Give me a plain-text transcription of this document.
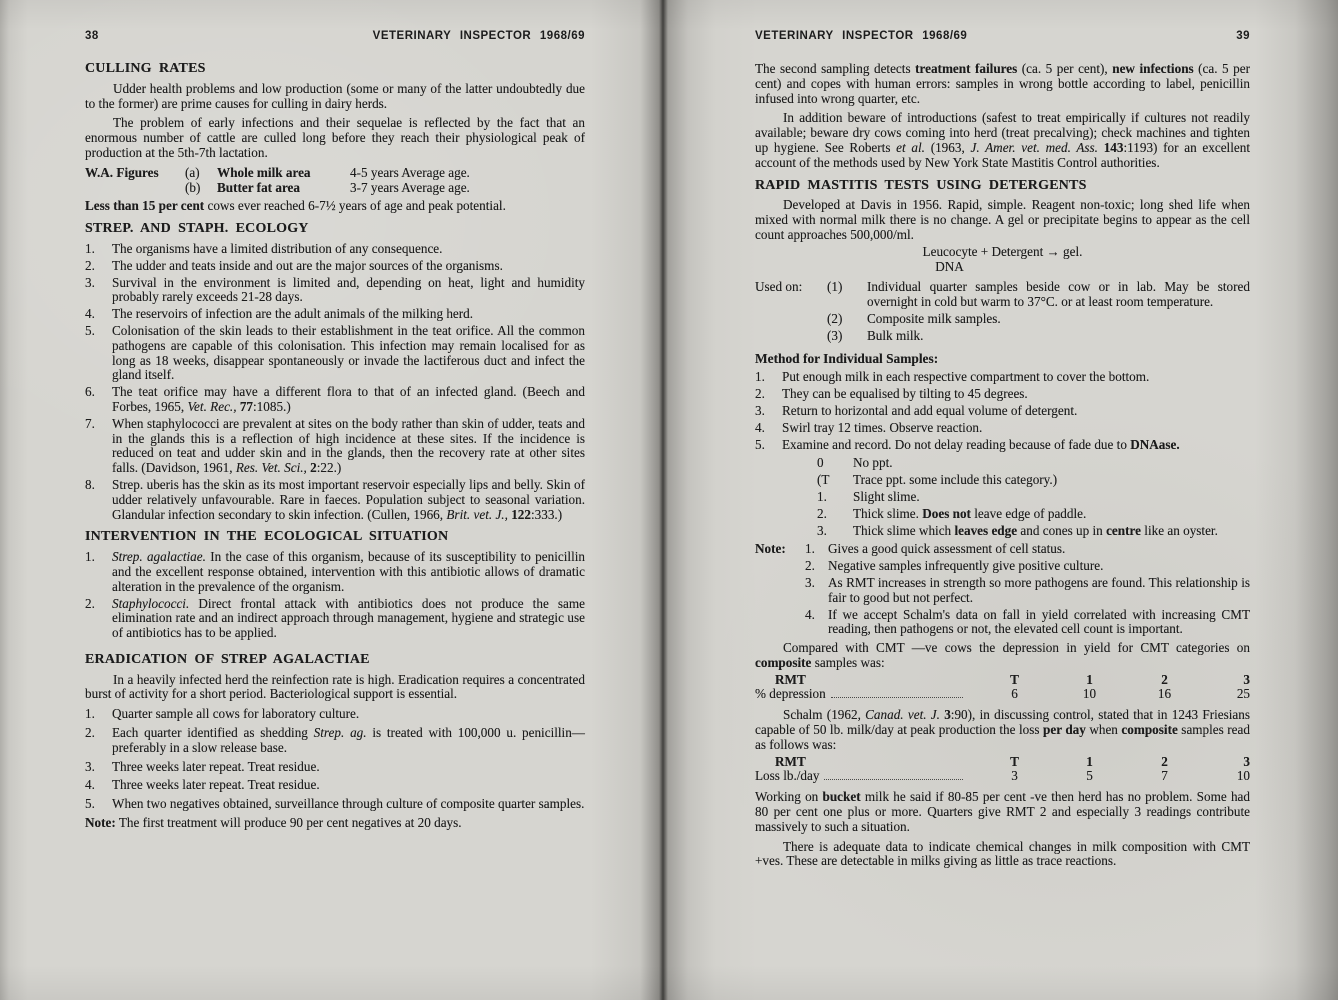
38	VETERINARY INSPECTOR 1968/69
CULLING RATES
Udder health problems and low production (some or many of the latter undoubtedly due to the former) are prime causes for culling in dairy herds.
The problem of early infections and their sequelae is reflected by the fact that an enormous number of cattle are culled long before they reach their physiological peak of production at the 5th-7th lactation.
W.A. Figures	(a)	Whole milk area	4-5 years Average age.
(b)	Butter fat area	3-7 years Average age.
Less than 15 per cent cows ever reached 6-7½ years of age and peak potential.
STREP. AND STAPH. ECOLOGY
1.	The organisms have a limited distribution of any consequence.
2.	The udder and teats inside and out are the major sources of the organisms.
3.	Survival in the environment is limited and, depending on heat, light and humidity probably rarely exceeds 21-28 days.
4.	The reservoirs of infection are the adult animals of the milking herd.
5.	Colonisation of the skin leads to their establishment in the teat orifice. All the common pathogens are capable of this colonisation. This infection may remain localised for as long as 18 weeks, disappear spontaneously or invade the lactiferous duct and infect the gland itself.
6.	The teat orifice may have a different flora to that of an infected gland. (Beech and Forbes, 1965, Vet. Rec., 77:1085.)
7.	When staphylococci are prevalent at sites on the body rather than skin of udder, teats and in the glands this is a reflection of high incidence at these sites. If the incidence is reduced on teat and udder skin and in the glands, then the recovery rate at other sites falls. (Davidson, 1961, Res. Vet. Sci., 2:22.)
8.	Strep. uberis has the skin as its most important reservoir especially lips and belly. Skin of udder relatively unfavourable. Rare in faeces. Population subject to seasonal variation. Glandular infection secondary to skin infection. (Cullen, 1966, Brit. vet. J., 122:333.)
INTERVENTION IN THE ECOLOGICAL SITUATION
1.	Strep. agalactiae. In the case of this organism, because of its susceptibility to penicillin and the excellent response obtained, intervention with this antibiotic allows of dramatic alteration in the prevalence of the organism.
2.	Staphylococci. Direct frontal attack with antibiotics does not produce the same elimination rate and an indirect approach through management, hygiene and strategic use of antibiotics has to be applied.
ERADICATION OF STREP AGALACTIAE
In a heavily infected herd the reinfection rate is high. Eradication requires a concentrated burst of activity for a short period. Bacteriological support is essential.
1.	Quarter sample all cows for laboratory culture.
2.	Each quarter identified as shedding Strep. ag. is treated with 100,000 u. penicillin—preferably in a slow release base.
3.	Three weeks later repeat. Treat residue.
4.	Three weeks later repeat. Treat residue.
5.	When two negatives obtained, surveillance through culture of composite quarter samples.
Note: The first treatment will produce 90 per cent negatives at 20 days.
VETERINARY INSPECTOR 1968/69	39
The second sampling detects treatment failures (ca. 5 per cent), new infections (ca. 5 per cent) and copes with human errors: samples in wrong bottle according to label, penicillin infused into wrong quarter, etc.
In addition beware of introductions (safest to treat empirically if cultures not readily available; beware dry cows coming into herd (treat precalving); check machines and tighten up hygiene. See Roberts et al. (1963, J. Amer. vet. med. Ass. 143:1193) for an excellent account of the methods used by New York State Mastitis Control authorities.
RAPID MASTITIS TESTS USING DETERGENTS
Developed at Davis in 1956. Rapid, simple. Reagent non-toxic; long shed life when mixed with normal milk there is no change. A gel or precipitate begins to appear as the cell count approaches 500,000/ml.
Leucocyte + Detergent → gel.
DNA
Used on: (1)	Individual quarter samples beside cow or in lab. May be stored overnight in cold but warm to 37°C. or at least room temperature.
(2)	Composite milk samples.
(3)	Bulk milk.
Method for Individual Samples:
1.	Put enough milk in each respective compartment to cover the bottom.
2.	They can be equalised by tilting to 45 degrees.
3.	Return to horizontal and add equal volume of detergent.
4.	Swirl tray 12 times. Observe reaction.
5.	Examine and record. Do not delay reading because of fade due to DNAase.
0	No ppt.
(T	Trace ppt. some include this category.)
1.	Slight slime.
2.	Thick slime. Does not leave edge of paddle.
3.	Thick slime which leaves edge and cones up in centre like an oyster.
Note: 1. Gives a good quick assessment of cell status.
2. Negative samples infrequently give positive culture.
3. As RMT increases in strength so more pathogens are found. This relationship is fair to good but not perfect.
4. If we accept Schalm's data on fall in yield correlated with increasing CMT reading, then pathogens or not, the elevated cell count is important.
Compared with CMT —ve cows the depression in yield for CMT categories on composite samples was:
RMT	T	1	2	3
% depression	6	10	16	25
Schalm (1962, Canad. vet. J. 3:90), in discussing control, stated that in 1243 Friesians capable of 50 lb. milk/day at peak production the loss per day when composite samples read as follows was:
RMT	T	1	2	3
Loss lb./day	3	5	7	10
Working on bucket milk he said if 80-85 per cent -ve then herd has no problem. Some had 80 per cent one plus or more. Quarters give RMT 2 and especially 3 readings contribute massively to such a situation.
There is adequate data to indicate chemical changes in milk composition with CMT +ves. These are detectable in milks giving as little as trace reactions.
